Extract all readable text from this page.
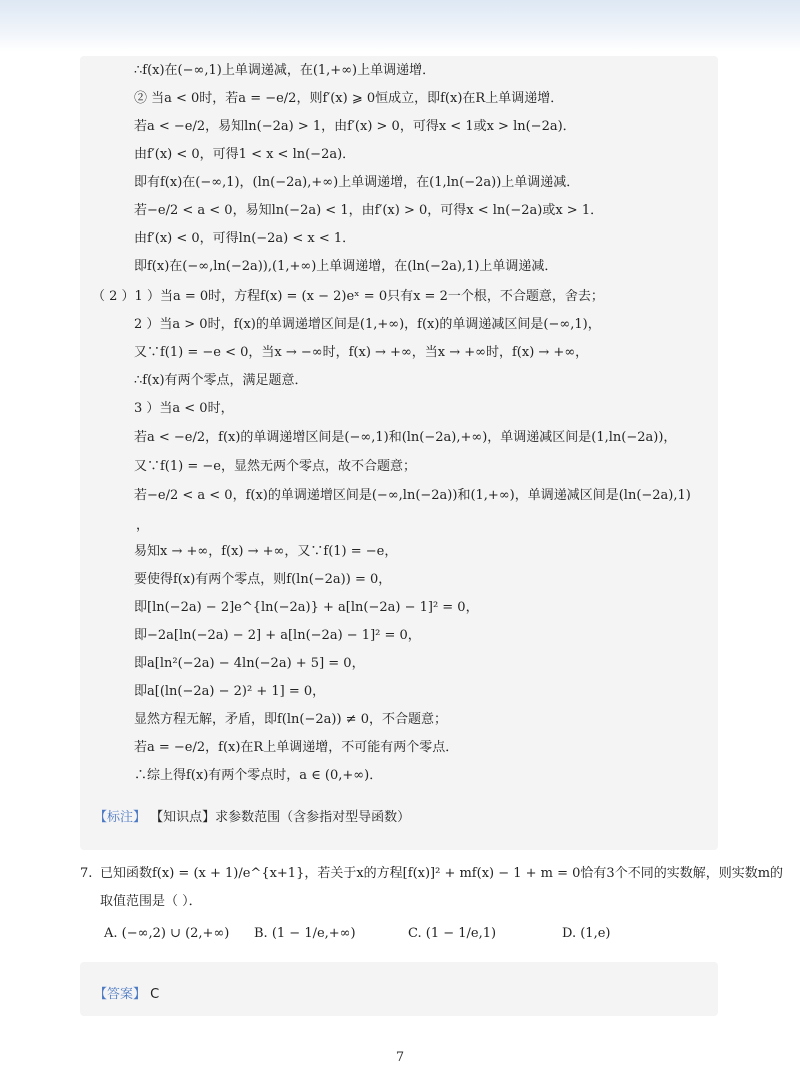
∴f(x)在(−∞,1)上单调递减，在(1,+∞)上单调递增．
② 当a < 0时，若a = −e/2，则f′(x) ⩾ 0恒成立，即f(x)在R上单调递增．
若a < −e/2，易知ln(−2a) > 1，由f′(x) > 0，可得x < 1或x > ln(−2a)．
由f′(x) < 0，可得1 < x < ln(−2a)．
即有f(x)在(−∞,1)，(ln(−2a),+∞)上单调递增，在(1,ln(−2a))上单调递减．
若−e/2 < a < 0，易知ln(−2a) < 1，由f′(x) > 0，可得x < ln(−2a)或x > 1．
由f′(x) < 0，可得ln(−2a) < x < 1．
即f(x)在(−∞,ln(−2a)),(1,+∞)上单调递增，在(ln(−2a),1)上单调递减．
（ 2 ）1 ）当a = 0时，方程f(x) = (x − 2)eˣ = 0只有x = 2一个根，不合题意，舍去；
2 ）当a > 0时，f(x)的单调递增区间是(1,+∞)，f(x)的单调递减区间是(−∞,1)，
又∵f(1) = −e < 0，当x → −∞时，f(x) → +∞，当x → +∞时，f(x) → +∞，
∴f(x)有两个零点，满足题意．
3 ）当a < 0时，
若a < −e/2，f(x)的单调递增区间是(−∞,1)和(ln(−2a),+∞)，单调递减区间是(1,ln(−2a))，
又∵f(1) = −e，显然无两个零点，故不合题意；
若−e/2 < a < 0，f(x)的单调递增区间是(−∞,ln(−2a))和(1,+∞)，单调递减区间是(ln(−2a),1)
，
易知x → +∞，f(x) → +∞，又∵f(1) = −e，
要使得f(x)有两个零点，则f(ln(−2a)) = 0，
即[ln(−2a) − 2]e^{ln(−2a)} + a[ln(−2a) − 1]² = 0，
即−2a[ln(−2a) − 2] + a[ln(−2a) − 1]² = 0，
即a[ln²(−2a) − 4ln(−2a) + 5] = 0，
即a[(ln(−2a) − 2)² + 1] = 0，
显然方程无解，矛盾，即f(ln(−2a)) ≠ 0，不合题意；
若a = −e/2，f(x)在R上单调递增，不可能有两个零点．
∴综上得f(x)有两个零点时，a ∈ (0,+∞)．
【标注】 【知识点】求参数范围（含参指对型导函数）
7. 已知函数f(x) = (x + 1)/e^{x+1}，若关于x的方程[f(x)]² + mf(x) − 1 + m = 0恰有3个不同的实数解，则实数m的
取值范围是（ ）．
A. (−∞,2) ∪ (2,+∞) B. (1 − 1/e,+∞)	C. (1 − 1/e,1)	D. (1,e)
【答案】 C
7
